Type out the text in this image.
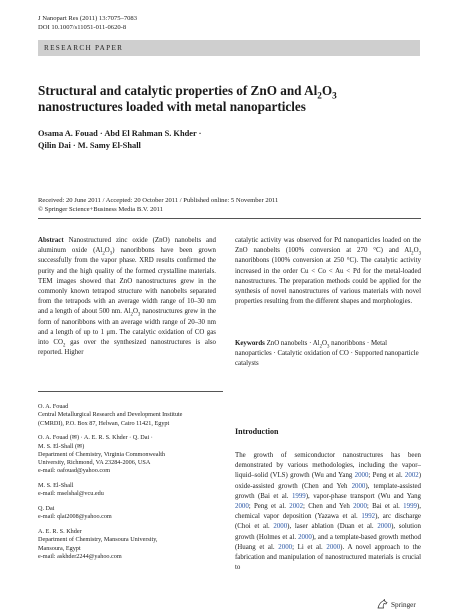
J Nanopart Res (2011) 13:7075–7083
DOI 10.1007/s11051-011-0620-8
RESEARCH PAPER
Structural and catalytic properties of ZnO and $Al_2O_3$
nanostructures loaded with metal nanoparticles
Osama A. Fouad · Abd El Rahman S. Khder ·
Qilin Dai · M. Samy El-Shall
Received: 20 June 2011 / Accepted: 20 October 2011 / Published online: 5 November 2011
© Springer Science+Business Media B.V. 2011
Abstract Nanostructured zinc oxide (ZnO) nanobelts and aluminum oxide $(Al_2O_3)$ nanoribbons have been grown successfully from the vapor phase. XRD results confirmed the purity and the high quality of the formed crystalline materials. TEM images showed that ZnO nanostructures grew in the commonly known tetrapod structure with nanobelts separated from the tetrapods with an average width range of 10–30 nm and a length of about 500 nm. $Al_2O_3$ nanostructures grew in the form of nanoribbons with an average width range of 20–30 nm and a length of up to 1 μm. The catalytic oxidation of CO gas into $CO_2$ gas over the synthesized nanostructures is also reported. Higher
catalytic activity was observed for Pd nanoparticles loaded on the ZnO nanobelts (100% conversion at 270 °C) and $Al_2O_3$ nanoribbons (100% conversion at 250 °C). The catalytic activity increased in the order Cu < Co < Au < Pd for the metal-loaded nanostructures. The preparation methods could be applied for the synthesis of novel nanostructures of various materials with novel properties resulting from the different shapes and morphologies.
Keywords ZnO nanobelts · $Al_2O_3$ nanoribbons · Metal nanoparticles · Catalytic oxidation of CO · Supported nanoparticle catalysts

O. A. Fouad
Central Metallurgical Research and Development Institute
(CMRDI), P.O. Box 87, Helwan, Cairo 11421, Egypt

O. A. Fouad (✉) · A. E. R. S. Khder · Q. Dai ·
M. S. El-Shall (✉)
Department of Chemistry, Virginia Commonwealth
University, Richmond, VA 23284-2006, USA
e-mail: oafouad@yahoo.com

M. S. El-Shall
e-mail: mselshal@vcu.edu

Q. Dai
e-mail: qlai2008@yahoo.com

A. E. R. S. Khder
Department of Chemistry, Mansoura University,
Mansoura, Egypt
e-mail: askhder2244@yahoo.com

Introduction
The growth of semiconductor nanostructures has been demonstrated by various methodologies, including the vapor–liquid–solid (VLS) growth (Wu and Yang 2000; Peng et al. 2002) oxide-assisted growth (Chen and Yeh 2000), template-assisted growth (Bai et al. 1999), vapor-phase transport (Wu and Yang 2000; Peng et al. 2002; Chen and Yeh 2000; Bai et al. 1999), chemical vapor deposition (Yazawa et al. 1992), arc discharge (Choi et al. 2000), laser ablation (Duan et al. 2000), solution growth (Holmes et al. 2000), and a template-based growth method (Huang et al. 2000; Li et al. 2000). A novel approach to the fabrication and manipulation of nanostructured materials is crucial to
Springer
